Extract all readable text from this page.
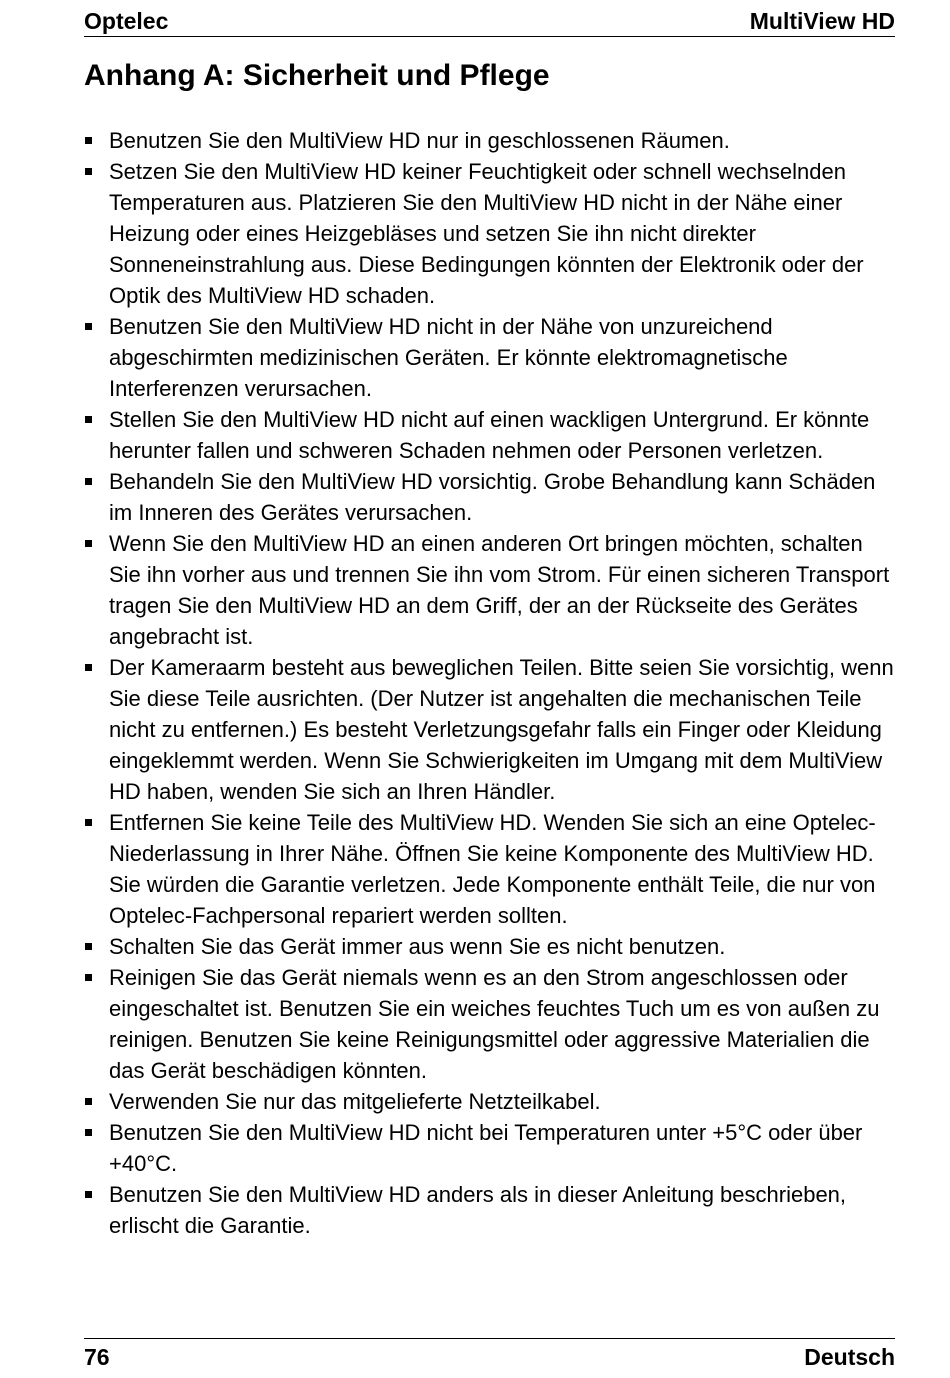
Optelec	MultiView HD
Anhang A: Sicherheit und Pflege
Benutzen Sie den MultiView HD nur in geschlossenen Räumen.
Setzen Sie den MultiView HD keiner Feuchtigkeit oder schnell wechselnden Temperaturen aus. Platzieren Sie den MultiView HD nicht in der Nähe einer Heizung oder eines Heizgebläses und setzen Sie ihn nicht direkter Sonneneinstrahlung aus. Diese Bedingungen könnten der Elektronik oder der Optik des MultiView HD schaden.
Benutzen Sie den MultiView HD nicht in der Nähe von unzureichend abgeschirmten medizinischen Geräten. Er könnte elektromagnetische Interferenzen verursachen.
Stellen Sie den MultiView HD nicht auf einen wackligen Untergrund. Er könnte herunter fallen und schweren Schaden nehmen oder Personen verletzen.
Behandeln Sie den MultiView HD vorsichtig. Grobe Behandlung kann Schäden im Inneren des Gerätes verursachen.
Wenn Sie den MultiView HD an einen anderen Ort bringen möchten, schalten Sie ihn vorher aus und trennen Sie ihn vom Strom. Für einen sicheren Transport tragen Sie den MultiView HD an dem Griff, der an der Rückseite des Gerätes angebracht ist.
Der Kameraarm besteht aus beweglichen Teilen. Bitte seien Sie vorsichtig, wenn Sie diese Teile ausrichten. (Der Nutzer ist angehalten die mechanischen Teile nicht zu entfernen.) Es besteht Verletzungsgefahr falls ein Finger oder Kleidung eingeklemmt werden. Wenn Sie Schwierigkeiten im Umgang mit dem MultiView HD haben, wenden Sie sich an Ihren Händler.
Entfernen Sie keine Teile des MultiView HD. Wenden Sie sich an eine Optelec-Niederlassung in Ihrer Nähe. Öffnen Sie keine Komponente des MultiView HD. Sie würden die Garantie verletzen. Jede Komponente enthält Teile, die nur von Optelec-Fachpersonal repariert werden sollten.
Schalten Sie das Gerät immer aus wenn Sie es nicht benutzen.
Reinigen Sie das Gerät niemals wenn es an den Strom angeschlossen oder eingeschaltet ist. Benutzen Sie ein weiches feuchtes Tuch um es von außen zu reinigen. Benutzen Sie keine Reinigungsmittel oder aggressive Materialien die das Gerät beschädigen könnten.
Verwenden Sie nur das mitgelieferte Netzteilkabel.
Benutzen Sie den MultiView HD nicht bei Temperaturen unter +5°C oder über +40°C.
Benutzen Sie den MultiView HD anders als in dieser Anleitung beschrieben, erlischt die Garantie.
76	Deutsch
